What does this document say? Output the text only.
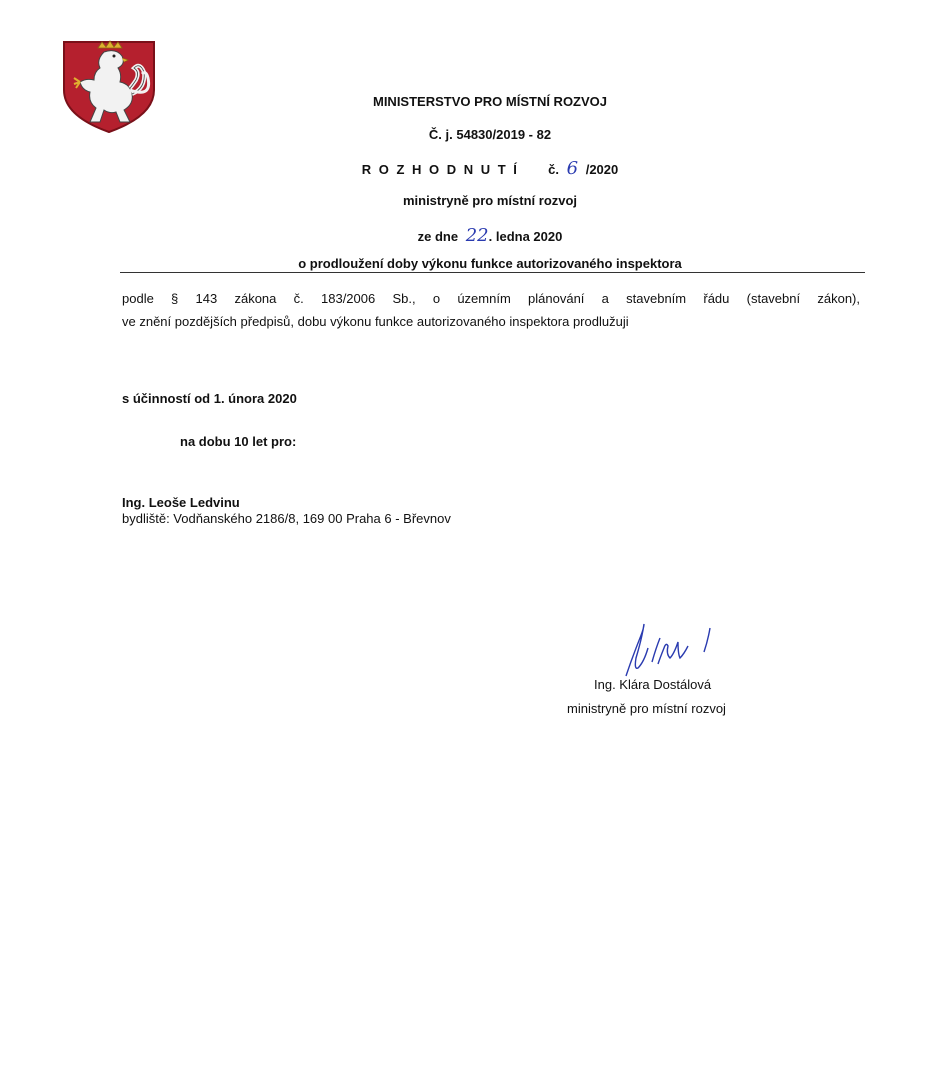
MINISTERSTVO PRO MÍSTNÍ ROZVOJ
Č. j. 54830/2019 - 82
R O Z H O D N U T Í č. 6 /2020
ministryně pro místní rozvoj
ze dne 22. ledna 2020
o prodloužení doby výkonu funkce autorizovaného inspektora
podle § 143 zákona č. 183/2006 Sb., o územním plánování a stavebním řádu (stavební zákon),
ve znění pozdějších předpisů, dobu výkonu funkce autorizovaného inspektora prodlužuji
s účinností od 1. února 2020
na dobu 10 let pro:
Ing. Leoše Ledvinu
bydliště: Vodňanského 2186/8, 169 00 Praha 6 - Břevnov
Ing. Klára Dostálová
ministryně pro místní rozvoj
